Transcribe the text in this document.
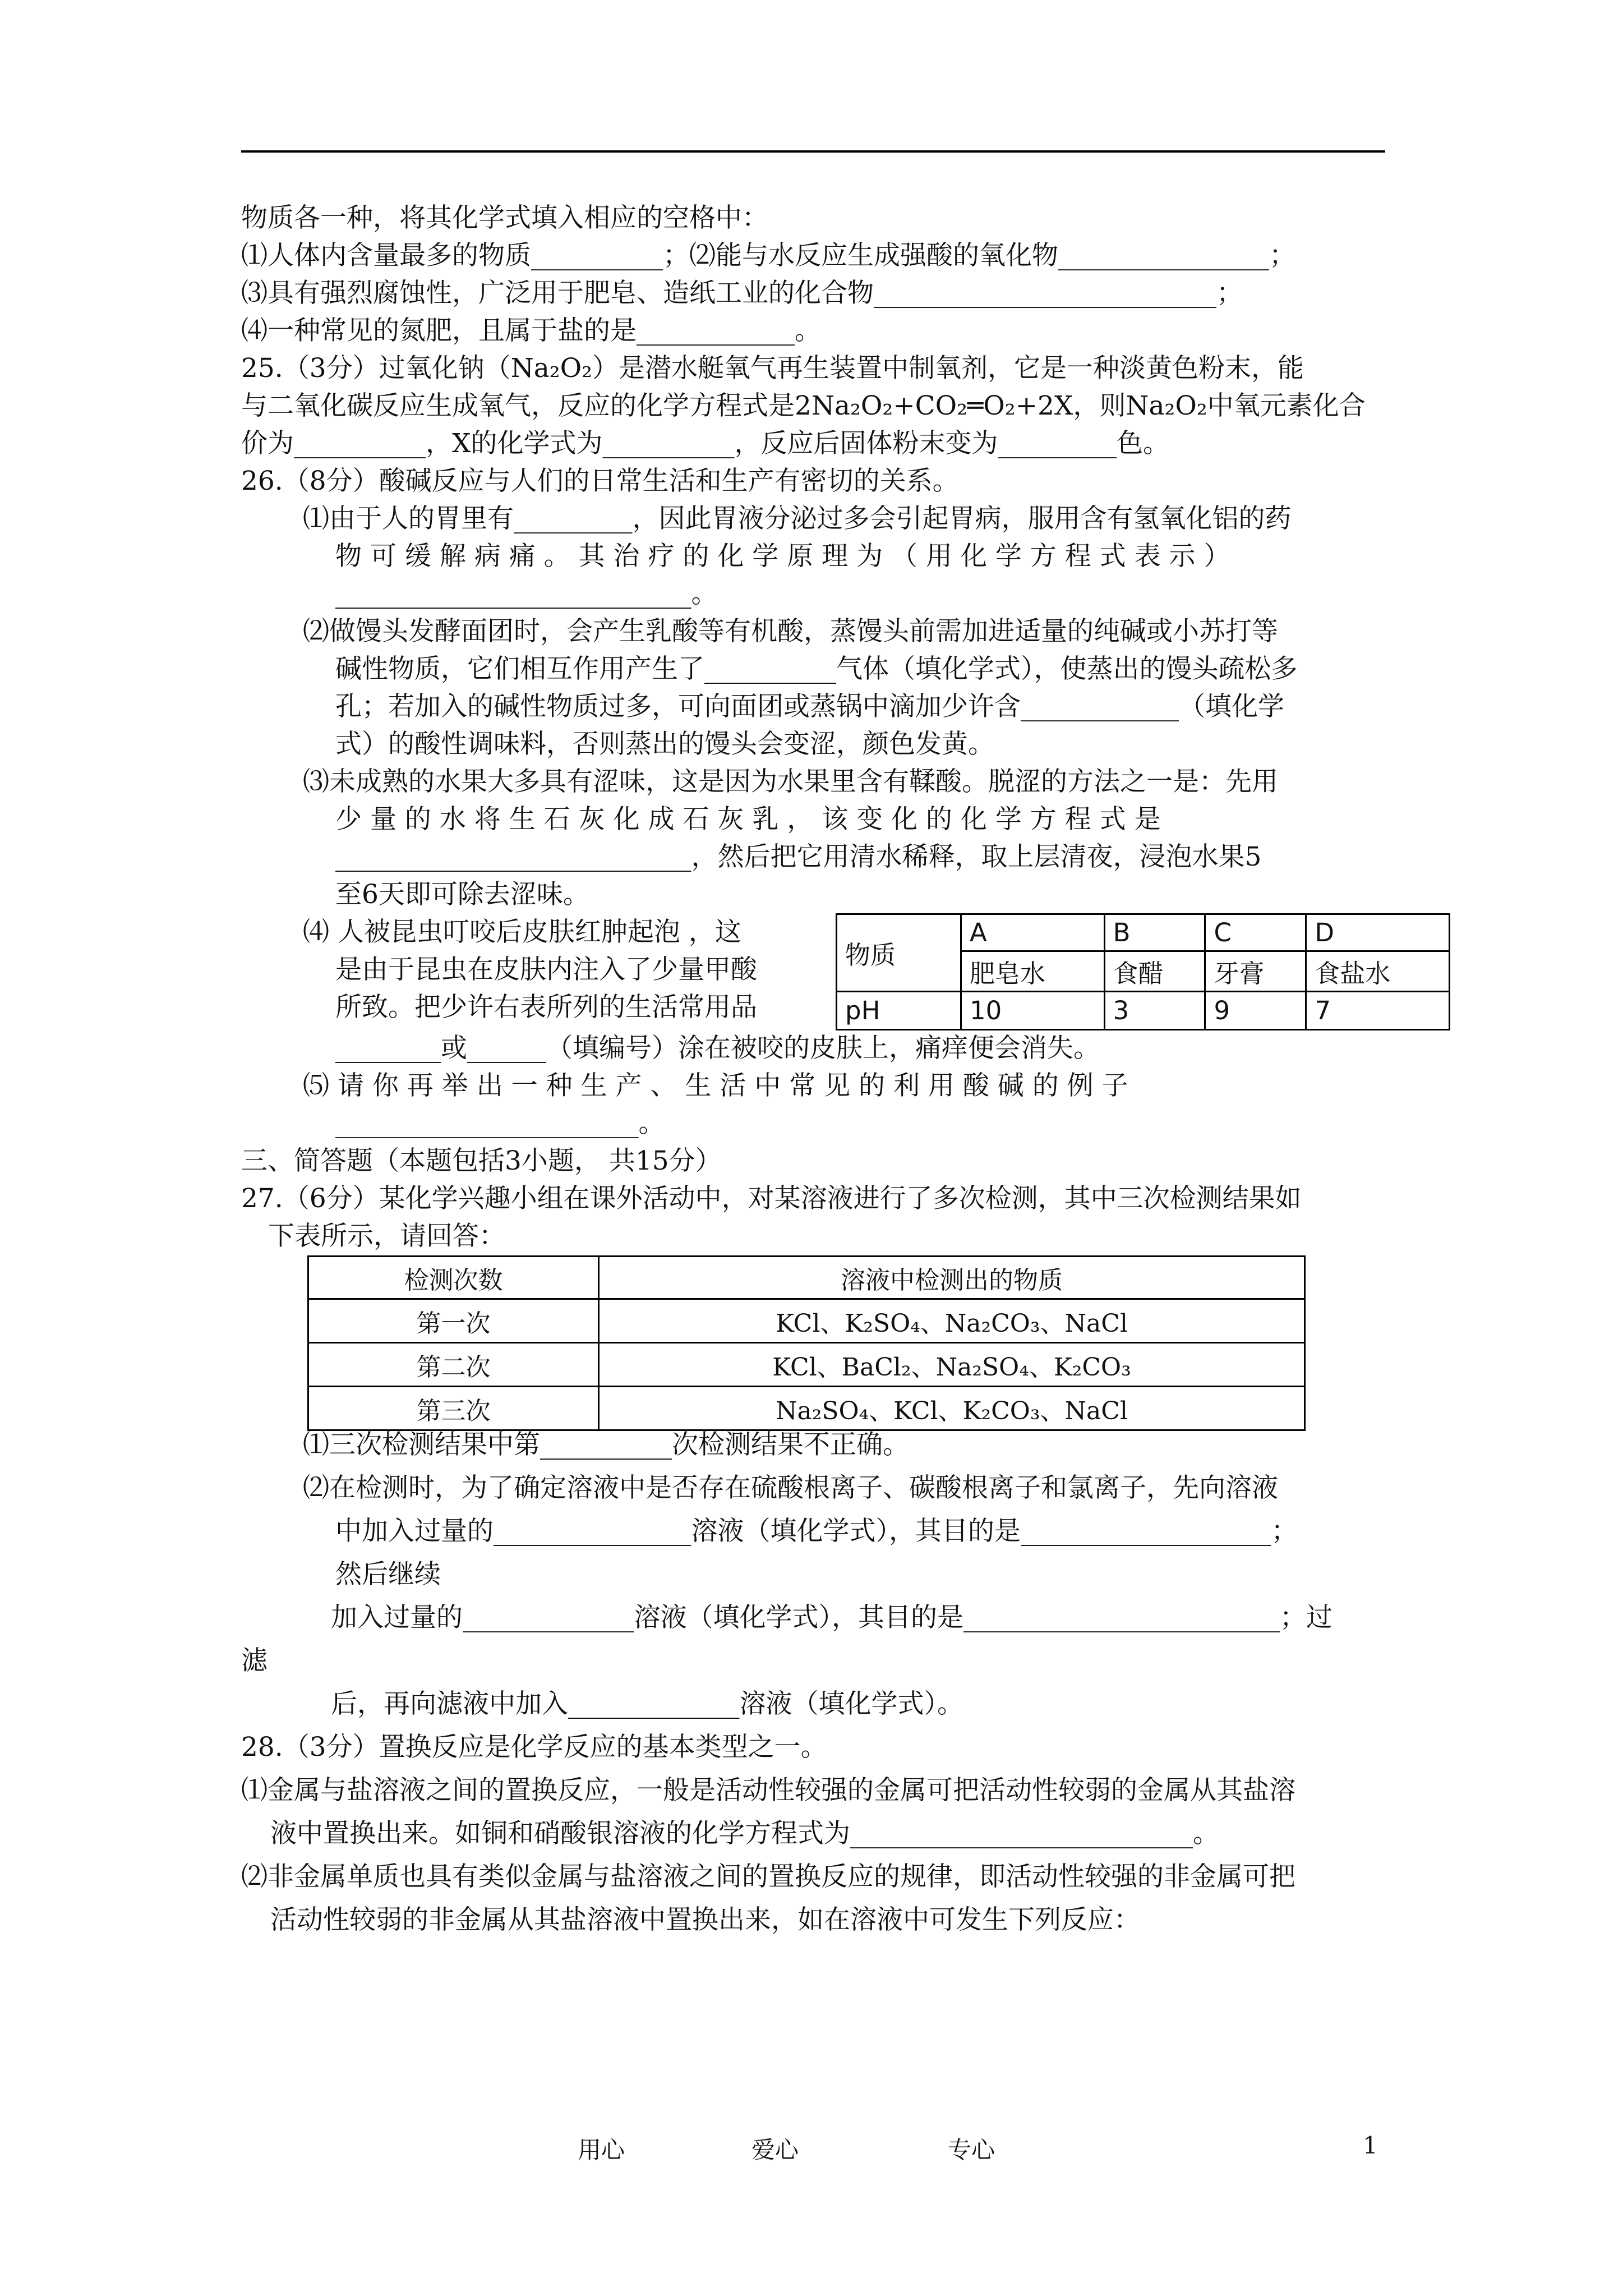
物质各一种，将其化学式填入相应的空格中：
⑴人体内含量最多的物质__________；⑵能与水反应生成强酸的氧化物________________；
⑶具有强烈腐蚀性，广泛用于肥皂、造纸工业的化合物__________________________；
⑷一种常见的氮肥，且属于盐的是____________。
25.（3分）过氧化钠（Na₂O₂）是潜水艇氧气再生装置中制氧剂，它是一种淡黄色粉末，能
与二氧化碳反应生成氧气，反应的化学方程式是2Na₂O₂+CO₂═O₂+2X，则Na₂O₂中氧元素化合
价为__________，X的化学式为__________，反应后固体粉末变为_________色。
26.（8分）酸碱反应与人们的日常生活和生产有密切的关系。
⑴由于人的胃里有_________，因此胃液分泌过多会引起胃病，服用含有氢氧化铝的药
物 可 缓 解 病 痛 。 其 治 疗 的 化 学 原 理 为 （ 用 化 学 方 程 式 表 示 ）
___________________________。
⑵做馒头发酵面团时，会产生乳酸等有机酸，蒸馒头前需加进适量的纯碱或小苏打等
碱性物质，它们相互作用产生了__________气体（填化学式），使蒸出的馒头疏松多
孔；若加入的碱性物质过多，可向面团或蒸锅中滴加少许含____________（填化学
式）的酸性调味料，否则蒸出的馒头会变涩，颜色发黄。
⑶未成熟的水果大多具有涩味，这是因为水果里含有鞣酸。脱涩的方法之一是：先用
少 量 的 水 将 生 石 灰 化 成 石 灰 乳 ， 该 变 化 的 化 学 方 程 式 是
___________________________，然后把它用清水稀释，取上层清夜，浸泡水果5
至6天即可除去涩味。
⑷ 人被昆虫叮咬后皮肤红肿起泡 ，这
是由于昆虫在皮肤内注入了少量甲酸
所致。把少许右表所列的生活常用品
________或______（填编号）涂在被咬的皮肤上，痛痒便会消失。
⑸ 请 你 再 举 出 一 种 生 产 、 生 活 中 常 见 的 利 用 酸 碱 的 例 子
_______________________。
三、简答题（本题包括3小题， 共15分）
27.（6分）某化学兴趣小组在课外活动中，对某溶液进行了多次检测，其中三次检测结果如
下表所示，请回答：
物质	A	B	C	D
	肥皂水	食醋	牙膏	食盐水
pH	10	3	9	7
检测次数	溶液中检测出的物质
第一次	KCl、K₂SO₄、Na₂CO₃、NaCl
第二次	KCl、BaCl₂、Na₂SO₄、K₂CO₃
第三次	Na₂SO₄、KCl、K₂CO₃、NaCl
⑴三次检测结果中第__________次检测结果不正确。
⑵在检测时，为了确定溶液中是否存在硫酸根离子、碳酸根离子和氯离子，先向溶液
中加入过量的_______________溶液（填化学式），其目的是___________________；
然后继续
加入过量的_____________溶液（填化学式），其目的是________________________；过
滤
后，再向滤液中加入_____________溶液（填化学式）。
28.（3分）置换反应是化学反应的基本类型之一。
⑴金属与盐溶液之间的置换反应，一般是活动性较强的金属可把活动性较弱的金属从其盐溶
液中置换出来。如铜和硝酸银溶液的化学方程式为__________________________。
⑵非金属单质也具有类似金属与盐溶液之间的置换反应的规律，即活动性较强的非金属可把
活动性较弱的非金属从其盐溶液中置换出来，如在溶液中可发生下列反应：
用心	爱心	专心	1
